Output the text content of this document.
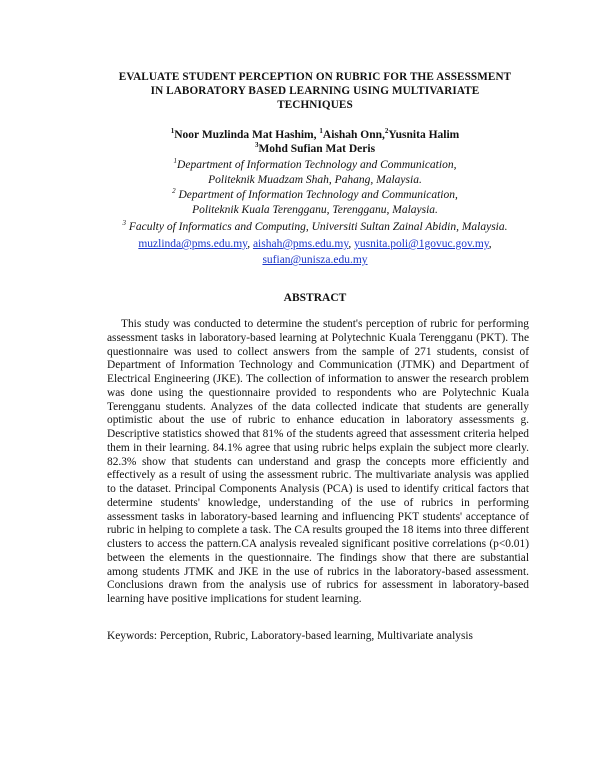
EVALUATE STUDENT PERCEPTION ON RUBRIC FOR THE ASSESSMENT
IN LABORATORY BASED LEARNING USING MULTIVARIATE
TECHNIQUES
$^1$Noor Muzlinda Mat Hashim, $^1$Aishah Onn,$^2$Yusnita Halim
$^3$Mohd Sufian Mat Deris
$^1$Department of Information Technology and Communication,
Politeknik Muadzam Shah, Pahang, Malaysia.
$^2$ Department of Information Technology and Communication,
Politeknik Kuala Terengganu, Terengganu, Malaysia.
$^3$ Faculty of Informatics and Computing, Universiti Sultan Zainal Abidin, Malaysia.
muzlinda@pms.edu.my, aishah@pms.edu.my, yusnita.poli@1govuc.gov.my,
sufian@unisza.edu.my
ABSTRACT
This study was conducted to determine the student's perception of rubric for performing assessment tasks in laboratory-based learning at Polytechnic Kuala Terengganu (PKT). The questionnaire was used to collect answers from the sample of 271 students, consist of Department of Information Technology and Communication (JTMK) and Department of Electrical Engineering (JKE). The collection of information to answer the research problem was done using the questionnaire provided to respondents who are Polytechnic Kuala Terengganu students. Analyzes of the data collected indicate that students are generally optimistic about the use of rubric to enhance education in laboratory assessments g. Descriptive statistics showed that 81% of the students agreed that assessment criteria helped them in their learning. 84.1% agree that using rubric helps explain the subject more clearly. 82.3% show that students can understand and grasp the concepts more efficiently and effectively as a result of using the assessment rubric. The multivariate analysis was applied to the dataset. Principal Components Analysis (PCA) is used to identify critical factors that determine students' knowledge, understanding of the use of rubrics in performing assessment tasks in laboratory-based learning and influencing PKT students' acceptance of rubric in helping to complete a task. The CA results grouped the 18 items into three different clusters to access the pattern.CA analysis revealed significant positive correlations (p<0.01) between the elements in the questionnaire. The findings show that there are substantial among students JTMK and JKE in the use of rubrics in the laboratory-based assessment. Conclusions drawn from the analysis use of rubrics for assessment in laboratory-based learning have positive implications for student learning.
Keywords: Perception, Rubric, Laboratory-based learning, Multivariate analysis
